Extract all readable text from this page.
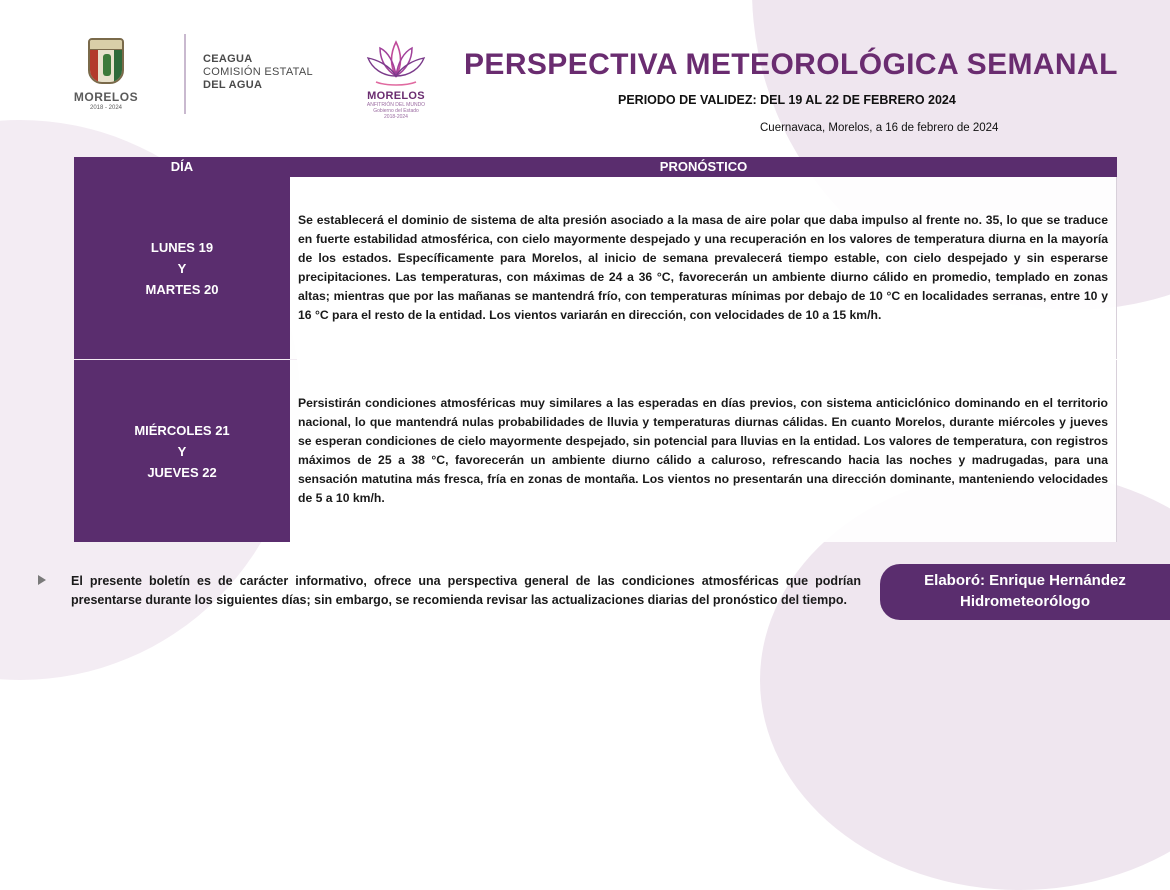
MORELOS
2018 - 2024
CEAGUA
COMISIÓN ESTATAL
DEL AGUA
MORELOS
ANFITRIÓN DEL MUNDO
Gobierno del Estado
2018-2024
PERSPECTIVA METEOROLÓGICA SEMANAL
PERIODO DE VALIDEZ: DEL 19 AL 22 DE FEBRERO 2024
Cuernavaca, Morelos, a 16 de febrero de 2024
DÍA	PRONÓSTICO
LUNES 19
Y
MARTES 20

Se establecerá el dominio de sistema de alta presión asociado a la masa de aire polar que daba impulso al frente no. 35, lo que se traduce en fuerte estabilidad atmosférica, con cielo mayormente despejado y una recuperación en los valores de temperatura diurna en la mayoría de los estados. Específicamente para Morelos, al inicio de semana prevalecerá tiempo estable, con cielo despejado y sin esperarse precipitaciones. Las temperaturas, con máximas de 24 a 36 °C, favorecerán un ambiente diurno cálido en promedio, templado en zonas altas; mientras que por las mañanas se mantendrá frío, con temperaturas mínimas por debajo de 10 °C en localidades serranas, entre 10 y 16 °C para el resto de la entidad. Los vientos variarán en dirección, con velocidades de 10 a 15 km/h.

MIÉRCOLES 21
Y
JUEVES 22

Persistirán condiciones atmosféricas muy similares a las esperadas en días previos, con sistema anticiclónico dominando en el territorio nacional, lo que mantendrá nulas probabilidades de lluvia y temperaturas diurnas cálidas. En cuanto Morelos, durante miércoles y jueves se esperan condiciones de cielo mayormente despejado, sin potencial para lluvias en la entidad. Los valores de temperatura, con registros máximos de 25 a 38 °C, favorecerán un ambiente diurno cálido a caluroso, refrescando hacia las noches y madrugadas, para una sensación matutina más fresca, fría en zonas de montaña. Los vientos no presentarán una dirección dominante, manteniendo velocidades de 5 a 10 km/h.

El presente boletín es de carácter informativo, ofrece una perspectiva general de las condiciones atmosféricas que podrían presentarse durante los siguientes días; sin embargo, se recomienda revisar las actualizaciones diarias del pronóstico del tiempo.

Elaboró: Enrique Hernández
Hidrometeorólogo
